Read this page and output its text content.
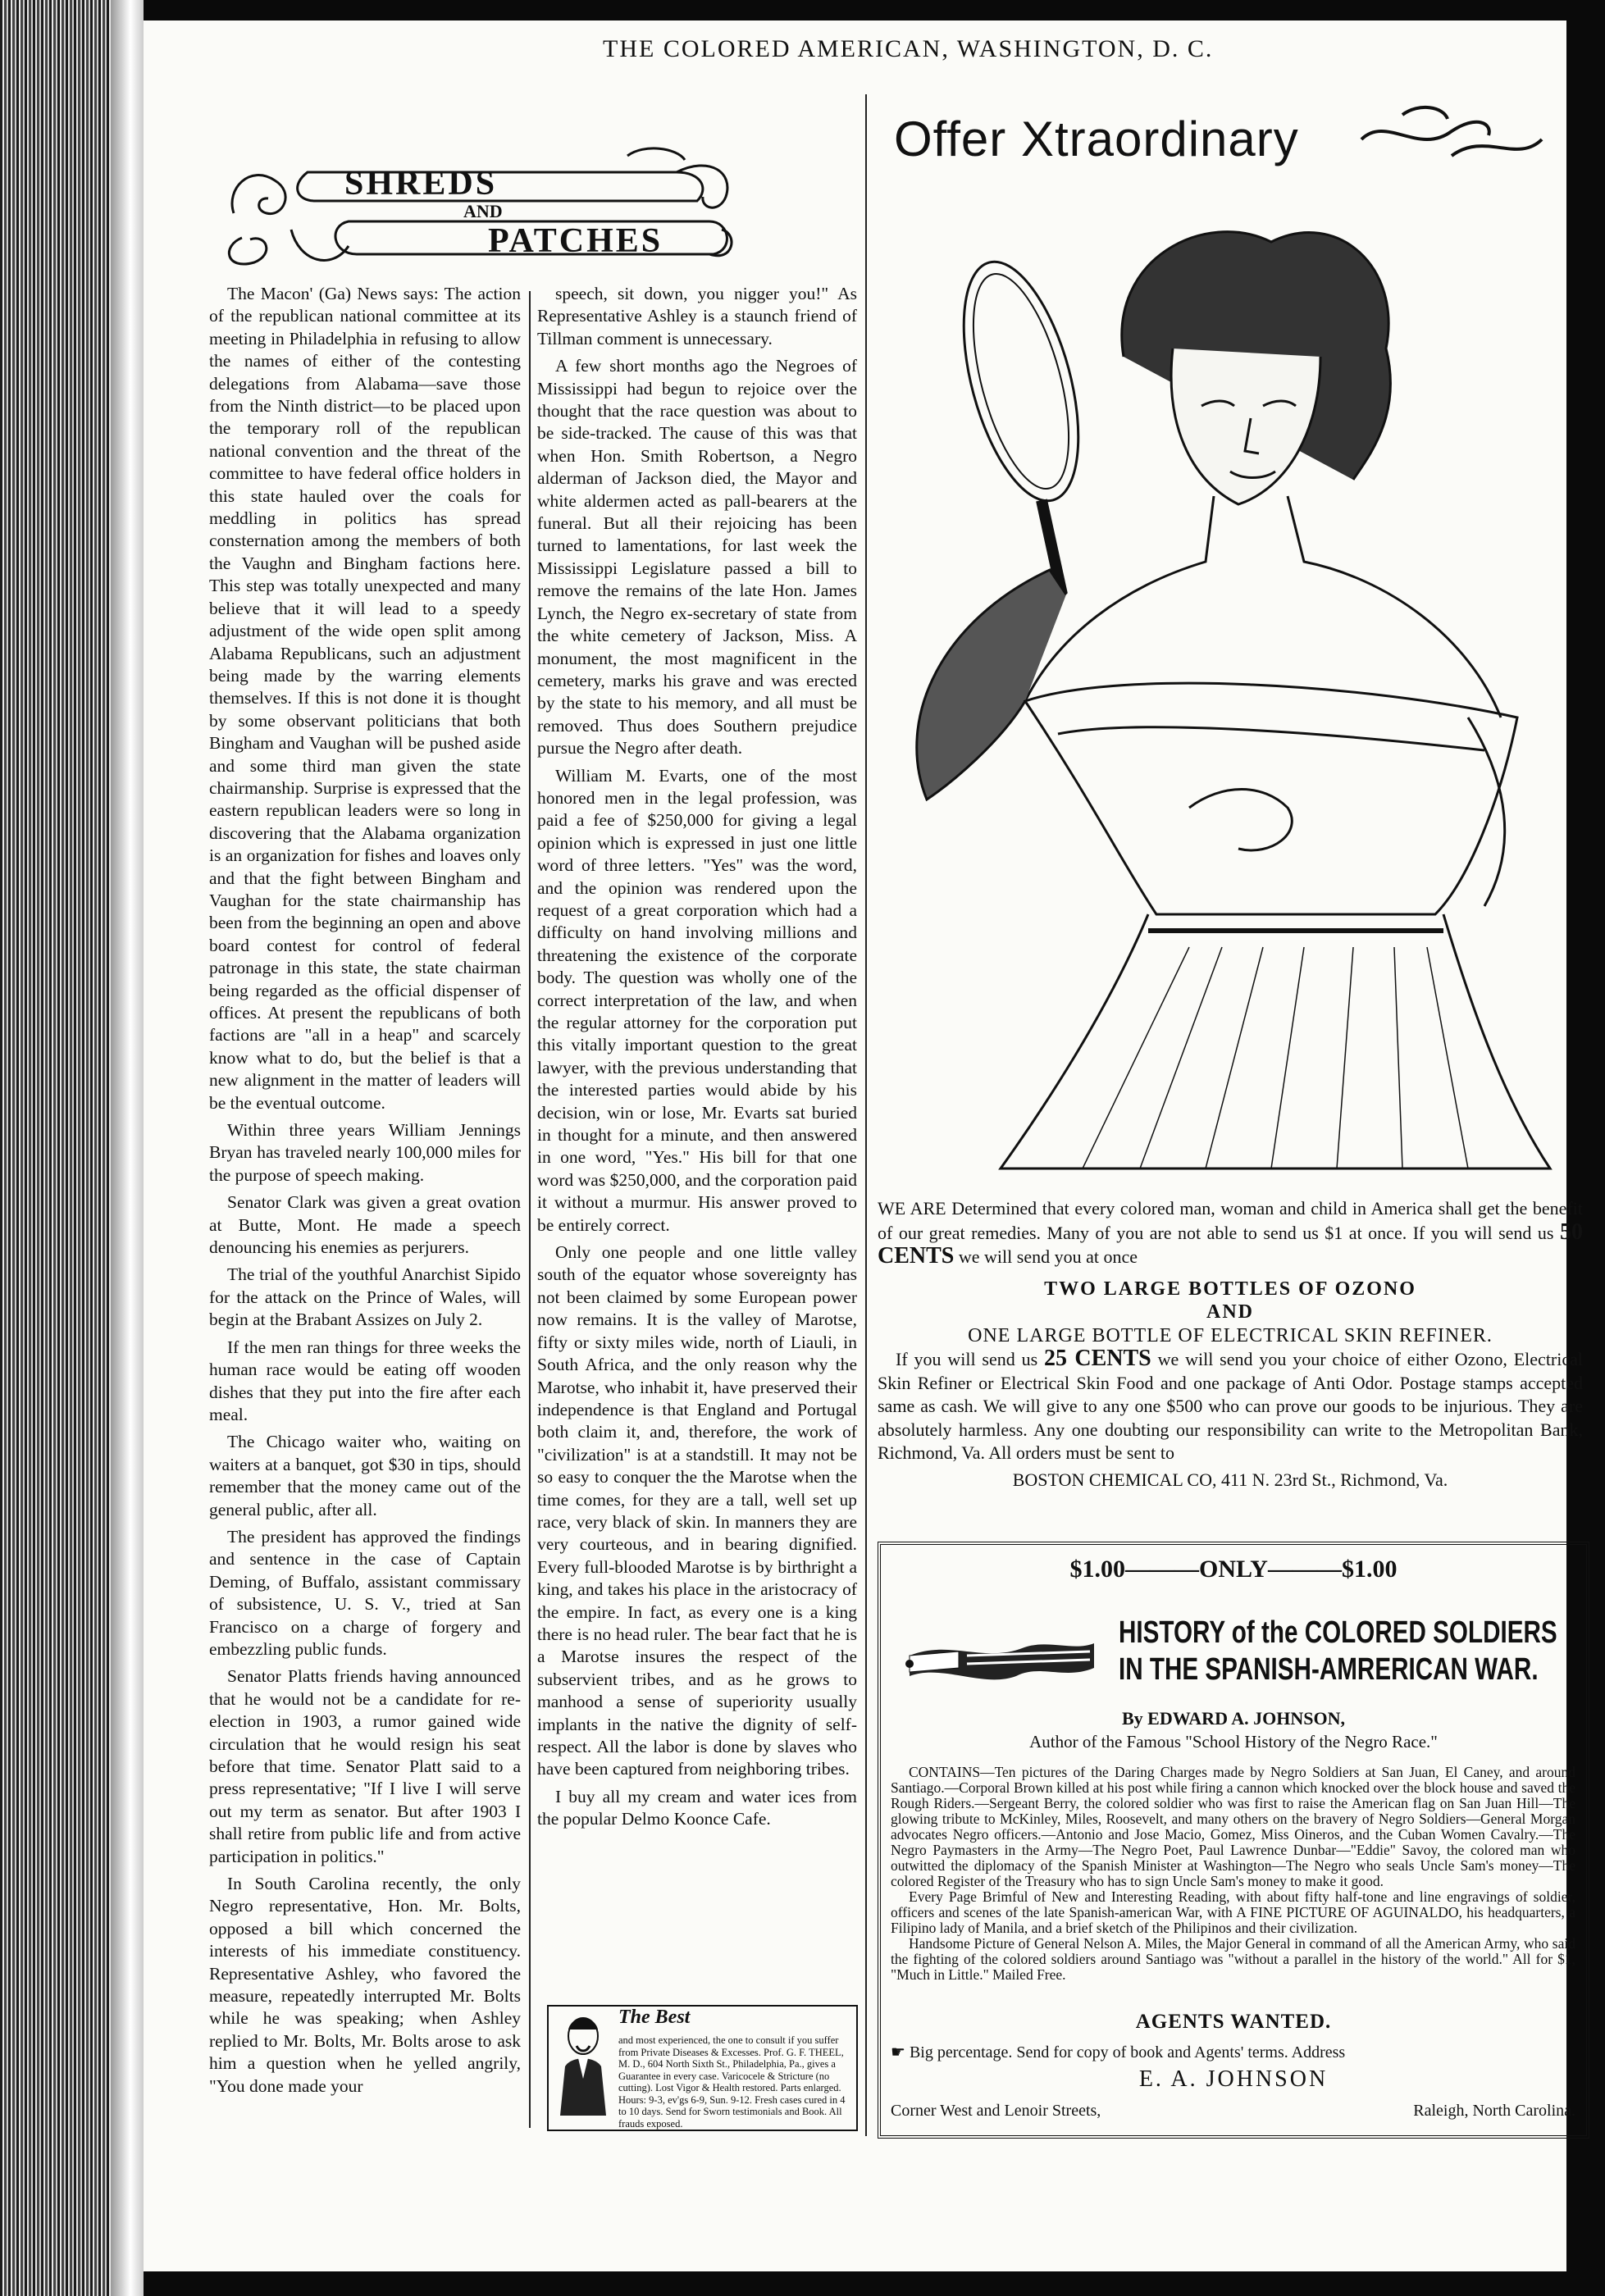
THE COLORED AMERICAN, WASHINGTON, D. C.
SHREDS
AND
PATCHES

The Macon' (Ga) News says: The action of the republican national committee at its meeting in Philadelphia in refusing to allow the names of either of the contesting delegations from Alabama—save those from the Ninth district—to be placed upon the temporary roll of the republican national convention and the threat of the committee to have federal office holders in this state hauled over the coals for meddling in politics has spread consternation among the members of both the Vaughn and Bingham factions here. This step was totally unexpected and many believe that it will lead to a speedy adjustment of the wide open split among Alabama Republicans, such an adjustment being made by the warring elements themselves. If this is not done it is thought by some observant politicians that both Bingham and Vaughan will be pushed aside and some third man given the state chairmanship. Surprise is expressed that the eastern republican leaders were so long in discovering that the Alabama organization is an organization for fishes and loaves only and that the fight between Bingham and Vaughan for the state chairmanship has been from the beginning an open and above board contest for control of federal patronage in this state, the state chairman being regarded as the official dispenser of offices. At present the republicans of both factions are "all in a heap" and scarcely know what to do, but the belief is that a new alignment in the matter of leaders will be the eventual outcome.

Within three years William Jennings Bryan has traveled nearly 100,000 miles for the purpose of speech making.

Senator Clark was given a great ovation at Butte, Mont. He made a speech denouncing his enemies as perjurers.

The trial of the youthful Anarchist Sipido for the attack on the Prince of Wales, will begin at the Brabant Assizes on July 2.

If the men ran things for three weeks the human race would be eating off wooden dishes that they put into the fire after each meal.

The Chicago waiter who, waiting on waiters at a banquet, got $30 in tips, should remember that the money came out of the general public, after all.

The president has approved the findings and sentence in the case of Captain Deming, of Buffalo, assistant commissary of subsistence, U. S. V., tried at San Francisco on a charge of forgery and embezzling public funds.

Senator Platts friends having announced that he would not be a candidate for re-election in 1903, a rumor gained wide circulation that he would resign his seat before that time. Senator Platt said to a press representative; "If I live I will serve out my term as senator. But after 1903 I shall retire from public life and from active participation in politics."

In South Carolina recently, the only Negro representative, Hon. Mr. Bolts, opposed a bill which concerned the interests of his immediate constituency. Representative Ashley, who favored the measure, repeatedly interrupted Mr. Bolts while he was speaking; when Ashley replied to Mr. Bolts, Mr. Bolts arose to ask him a question when he yelled angrily, "You done made your

speech, sit down, you nigger you!" As Representative Ashley is a staunch friend of Tillman comment is unnecessary.

A few short months ago the Negroes of Mississippi had begun to rejoice over the thought that the race question was about to be side-tracked. The cause of this was that when Hon. Smith Robertson, a Negro alderman of Jackson died, the Mayor and white aldermen acted as pall-bearers at the funeral. But all their rejoicing has been turned to lamentations, for last week the Mississippi Legislature passed a bill to remove the remains of the late Hon. James Lynch, the Negro ex-secretary of state from the white cemetery of Jackson, Miss. A monument, the most magnificent in the cemetery, marks his grave and was erected by the state to his memory, and all must be removed. Thus does Southern prejudice pursue the Negro after death.

William M. Evarts, one of the most honored men in the legal profession, was paid a fee of $250,000 for giving a legal opinion which is expressed in just one little word of three letters. "Yes" was the word, and the opinion was rendered upon the request of a great corporation which had a difficulty on hand involving millions and threatening the existence of the corporate body. The question was wholly one of the correct interpretation of the law, and when the regular attorney for the corporation put this vitally important question to the great lawyer, with the previous understanding that the interested parties would abide by his decision, win or lose, Mr. Evarts sat buried in thought for a minute, and then answered in one word, "Yes." His bill for that one word was $250,000, and the corporation paid it without a murmur. His answer proved to be entirely correct.

Only one people and one little valley south of the equator whose sovereignty has not been claimed by some European power now remains. It is the valley of Marotse, fifty or sixty miles wide, north of Liauli, in South Africa, and the only reason why the Marotse, who inhabit it, have preserved their independence is that England and Portugal both claim it, and, therefore, the work of "civilization" is at a standstill. It may not be so easy to conquer the the Marotse when the time comes, for they are a tall, well set up race, very black of skin. In manners they are very courteous, and in bearing dignified. Every full-blooded Marotse is by birthright a king, and takes his place in the aristocracy of the empire. In fact, as every one is a king there is no head ruler. The bear fact that he is a Marotse insures the respect of the subservient tribes, and as he grows to manhood a sense of superiority usually implants in the native the dignity of self-respect. All the labor is done by slaves who have been captured from neighboring tribes.

I buy all my cream and water ices from the popular Delmo Koonce Cafe.

The Best
and most experienced, the one to consult if you suffer from Private Diseases & Excesses. Prof. G. F. THEEL, M. D., 604 North Sixth St., Philadelphia, Pa., gives a Guarantee in every case. Varicocele & Stricture (no cutting). Lost Vigor & Health restored. Parts enlarged. Hours: 9-3, ev'gs 6-9, Sun. 9-12. Fresh cases cured in 4 to 10 days. Send for Sworn testimonials and Book. All frauds exposed.
Offer Xtraordinary
WE ARE Determined that every colored man, woman and child in America shall get the benefit of our great remedies. Many of you are not able to send us $1 at once. If you will send us 50 CENTS we will send you at once
TWO LARGE BOTTLES OF OZONO
AND
ONE LARGE BOTTLE OF ELECTRICAL SKIN REFINER.
If you will send us 25 CENTS we will send you your choice of either Ozono, Electrical Skin Refiner or Electrical Skin Food and one package of Anti Odor. Postage stamps accepted same as cash. We will give to any one $500 who can prove our goods to be injurious. They are absolutely harmless. Any one doubting our responsibility can write to the Metropolitan Bank, Richmond, Va. All orders must be sent to
BOSTON CHEMICAL CO, 411 N. 23rd St., Richmond, Va.
$1.00———ONLY———$1.00
HISTORY of the COLORED SOLDIERS
IN THE SPANISH-AMRERICAN WAR.
By EDWARD A. JOHNSON,
Author of the Famous "School History of the Negro Race."
CONTAINS—Ten pictures of the Daring Charges made by Negro Soldiers at San Juan, El Caney, and around Santiago.—Corporal Brown killed at his post while firing a cannon which knocked over the block house and saved the Rough Riders.—Sergeant Berry, the colored soldier who was first to raise the American flag on San Juan Hill—The glowing tribute to McKinley, Miles, Roosevelt, and many others on the bravery of Negro Soldiers—General Morgan advocates Negro officers.—Antonio and Jose Macio, Gomez, Miss Oineros, and the Cuban Women Cavalry.—The Negro Paymasters in the Army—The Negro Poet, Paul Lawrence Dunbar—"Eddie" Savoy, the colored man who outwitted the diplomacy of the Spanish Minister at Washington—The Negro who seals Uncle Sam's money—The colored Register of the Treasury who has to sign Uncle Sam's money to make it good.
Every Page Brimful of New and Interesting Reading, with about fifty half-tone and line engravings of soldier, officers and scenes of the late Spanish-american War, with A FINE PICTURE OF AGUINALDO, his headquarters, a Filipino lady of Manila, and a brief sketch of the Philipinos and their civilization.
Handsome Picture of General Nelson A. Miles, the Major General in command of all the American Army, who said the fighting of the colored soldiers around Santiago was "without a parallel in the history of the world." All for $1, "Much in Little." Mailed Free.
AGENTS WANTED.
☛ Big percentage. Send for copy of book and Agents' terms. Address
E. A. JOHNSON
Corner West and Lenoir Streets,	Raleigh, North Carolina.
